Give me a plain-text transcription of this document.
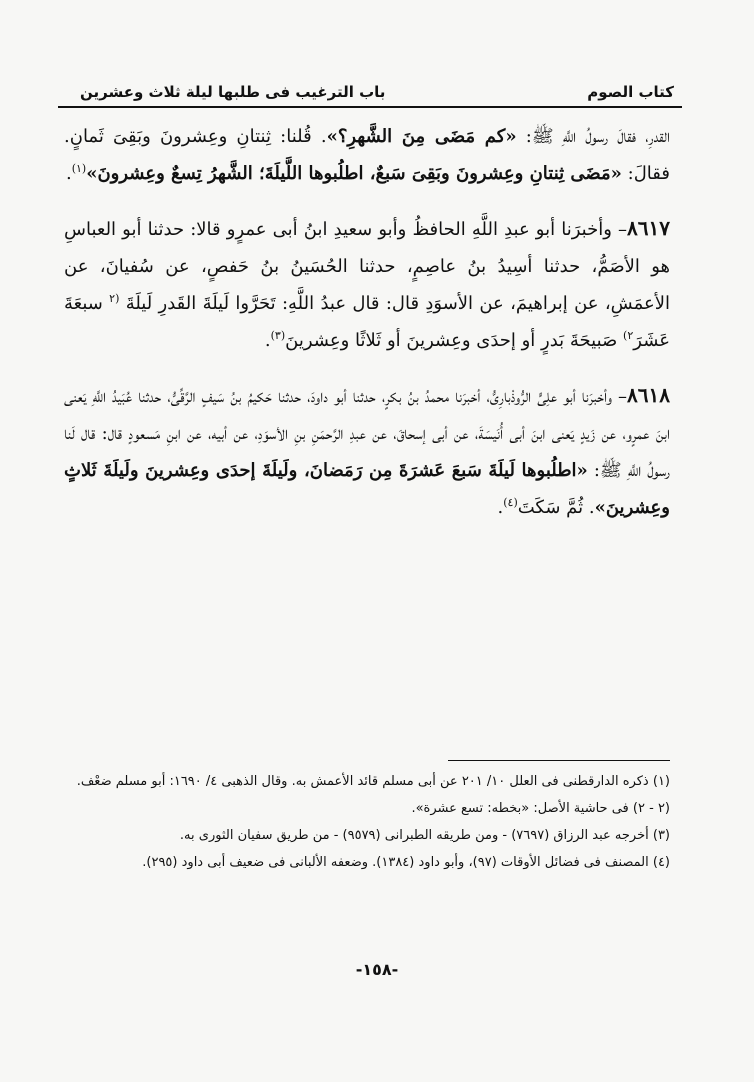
كتاب الصوم
باب الترغيب فى طلبها ليلة ثلاث وعشرين

القدرِ، فقالَ رسولُ اللَّهِ ﷺ: «كم مَضَى مِنَ الشَّهرِ؟». قُلنا: ثِنتانِ وعِشرونَ وبَقِىَ ثَمانٍ. فقالَ: «مَضَى ثِنتانِ وعِشرونَ وبَقِىَ سَبعٌ، اطلُبوها اللَّيلَةَ؛ الشَّهرُ تِسعٌ وعِشرونَ»$^{(١)}$.

٨٦١٧– وأخبرَنا أبو عبدِ اللَّهِ الحافظُ وأبو سعيدِ ابنُ أبى عمرٍو قالا: حدثنا أبو العباسِ هو الأصَمُّ، حدثنا أسِيدُ بنُ عاصِمٍ، حدثنا الحُسَينُ بنُ حَفصٍ، عن سُفيانَ، عن الأعمَشِ، عن إبراهيمَ، عن الأسوَدِ قال: قال عبدُ اللَّهِ: تَحَرَّوا لَيلَةَ القَدرِ لَيلَةَ $^{(٢}$ سبعَةَ عَشَرَ$^{٢)}$ صَبيحَةَ بَدرٍ أو إحدَى وعِشرينَ أو ثَلاثًا وعِشرينَ$^{(٣)}$.

٨٦١٨– وأخبرَنا أبو علِىٍّ الرُّوذْبارِىُّ، أخبرَنا محمدُ بنُ بكرٍ، حدثنا أبو داودَ، حدثنا حَكيمُ بنُ سَيفٍ الرَّقِّىُّ، حدثنا عُبَيدُ اللَّهِ يَعنى ابنَ عمرٍو، عن زَيدٍ يَعنى ابنَ أبى أُنَيسَةَ، عن أبى إسحاقَ، عن عبدِ الرَّحمَنِ بنِ الأسوَدِ، عن أبيه، عن ابنِ مَسعودٍ قال: قال لَنا رسولُ اللَّهِ ﷺ: «اطلُبوها لَيلَةَ سَبعَ عَشرَةَ مِن رَمَضانَ، ولَيلَةَ إحدَى وعِشرينَ ولَيلَةَ ثَلاثٍ وعِشرينَ». ثُمَّ سَكَتَ$^{(٤)}$.

(١) ذكره الدارقطنى فى العلل ١٠/ ٢٠١ عن أبى مسلم قائد الأعمش به. وقال الذهبى ٤/ ١٦٩٠: أبو مسلم ضعْف.

(٢ - ٢) فى حاشية الأصل: «بخطه: تسع عشرة».

(٣) أخرجه عبد الرزاق (٧٦٩٧) - ومن طريقه الطبرانى (٩٥٧٩) - من طريق سفيان الثورى به.

(٤) المصنف فى فضائل الأوقات (٩٧)، وأبو داود (١٣٨٤). وضعفه الألبانى فى ضعيف أبى داود (٢٩٥).

-١٥٨-
